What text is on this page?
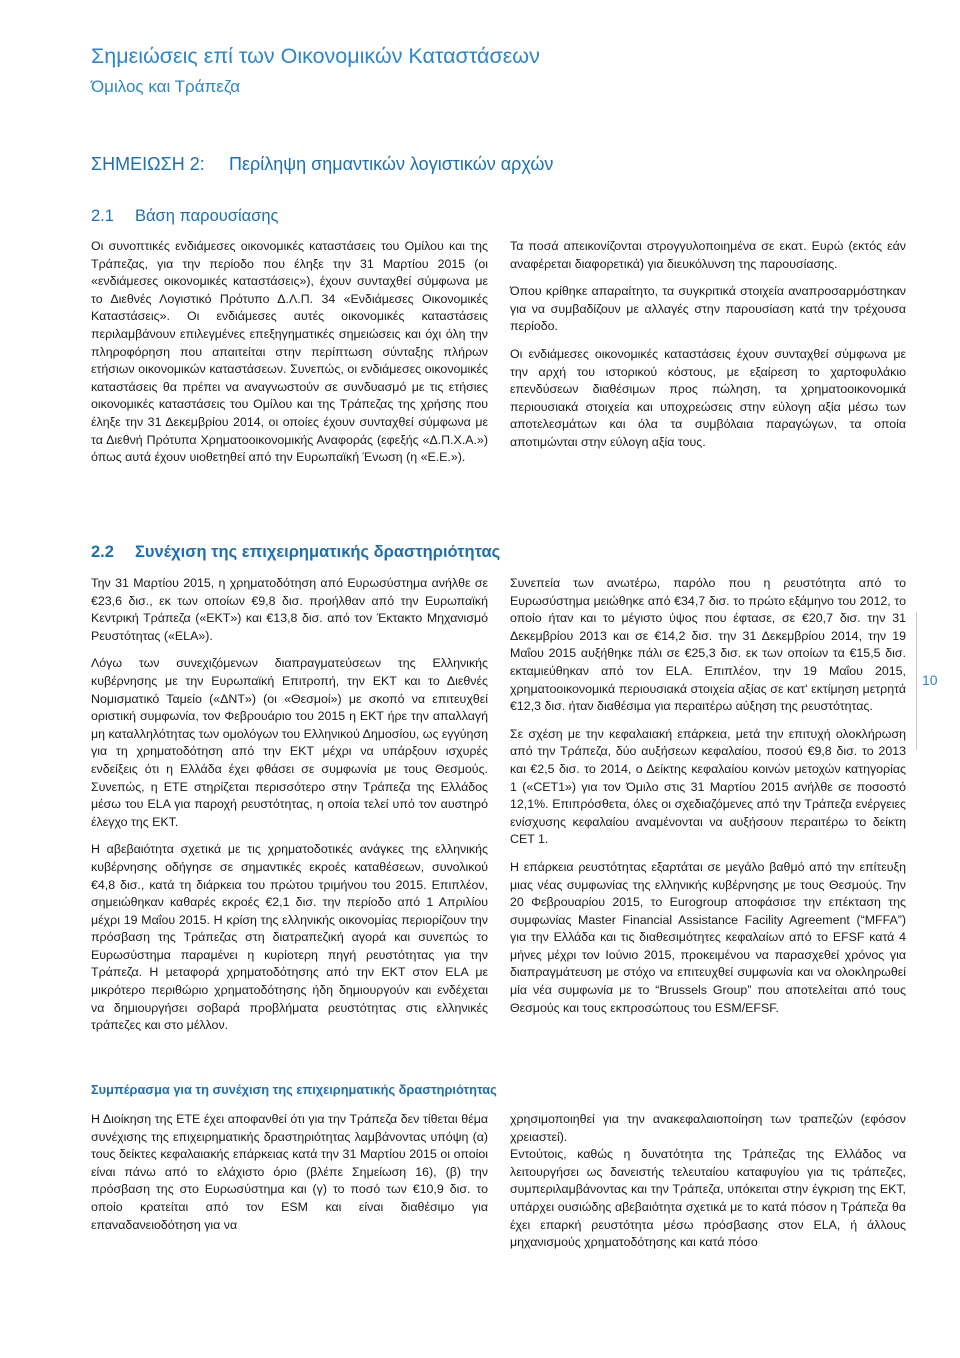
Σημειώσεις επί των Οικονομικών Καταστάσεων
Όμιλος και Τράπεζα
ΣΗΜΕΙΩΣΗ 2: Περίληψη σημαντικών λογιστικών αρχών
2.1 Βάση παρουσίασης

Οι συνοπτικές ενδιάμεσες οικονομικές καταστάσεις του Ομίλου και της Τράπεζας, για την περίοδο που έληξε την 31 Μαρτίου 2015 (οι «ενδιάμεσες οικονομικές καταστάσεις»), έχουν συνταχθεί σύμφωνα με το Διεθνές Λογιστικό Πρότυπο Δ.Λ.Π. 34 «Ενδιάμεσες Οικονομικές Καταστάσεις». Οι ενδιάμεσες αυτές οικονομικές καταστάσεις περιλαμβάνουν επιλεγμένες επεξηγηματικές σημειώσεις και όχι όλη την πληροφόρηση που απαιτείται στην περίπτωση σύνταξης πλήρων ετήσιων οικονομικών καταστάσεων. Συνεπώς, οι ενδιάμεσες οικονομικές καταστάσεις θα πρέπει να αναγνωστούν σε συνδυασμό με τις ετήσιες οικονομικές καταστάσεις του Ομίλου και της Τράπεζας της χρήσης που έληξε την 31 Δεκεμβρίου 2014, οι οποίες έχουν συνταχθεί σύμφωνα με τα Διεθνή Πρότυπα Χρηματοοικονομικής Αναφοράς (εφεξής «Δ.Π.Χ.Α.») όπως αυτά έχουν υιοθετηθεί από την Ευρωπαϊκή Ένωση (η «Ε.Ε.»).

Τα ποσά απεικονίζονται στρογγυλοποιημένα σε εκατ. Ευρώ (εκτός εάν αναφέρεται διαφορετικά) για διευκόλυνση της παρουσίασης.

Όπου κρίθηκε απαραίτητο, τα συγκριτικά στοιχεία αναπροσαρμόστηκαν για να συμβαδίζουν με αλλαγές στην παρουσίαση κατά την τρέχουσα περίοδο.

Οι ενδιάμεσες οικονομικές καταστάσεις έχουν συνταχθεί σύμφωνα με την αρχή του ιστορικού κόστους, με εξαίρεση το χαρτοφυλάκιο επενδύσεων διαθέσιμων προς πώληση, τα χρηματοοικονομικά περιουσιακά στοιχεία και υποχρεώσεις στην εύλογη αξία μέσω των αποτελεσμάτων και όλα τα συμβόλαια παραγώγων, τα οποία αποτιμώνται στην εύλογη αξία τους.

2.2 Συνέχιση της επιχειρηματικής δραστηριότητας

Την 31 Μαρτίου 2015, η χρηματοδότηση από Ευρωσύστημα ανήλθε σε €23,6 δισ., εκ των οποίων €9,8 δισ. προήλθαν από την Ευρωπαϊκή Κεντρική Τράπεζα («ΕΚΤ») και €13,8 δισ. από τον Έκτακτο Μηχανισμό Ρευστότητας («ELA»).

Λόγω των συνεχιζόμενων διαπραγματεύσεων της Ελληνικής κυβέρνησης με την Ευρωπαϊκή Επιτροπή, την ΕΚΤ και το Διεθνές Νομισματικό Ταμείο («ΔΝΤ») (οι «Θεσμοί») με σκοπό να επιτευχθεί οριστική συμφωνία, τον Φεβρουάριο του 2015 η ΕΚΤ ήρε την απαλλαγή μη καταλληλότητας των ομολόγων του Ελληνικού Δημοσίου, ως εγγύηση για τη χρηματοδότηση από την ΕΚΤ μέχρι να υπάρξουν ισχυρές ενδείξεις ότι η Ελλάδα έχει φθάσει σε συμφωνία με τους Θεσμούς. Συνεπώς, η ΕΤΕ στηρίζεται περισσότερο στην Τράπεζα της Ελλάδος μέσω του ELA για παροχή ρευστότητας, η οποία τελεί υπό τον αυστηρό έλεγχο της ΕΚΤ.

Η αβεβαιότητα σχετικά με τις χρηματοδοτικές ανάγκες της ελληνικής κυβέρνησης οδήγησε σε σημαντικές εκροές καταθέσεων, συνολικού €4,8 δισ., κατά τη διάρκεια του πρώτου τριμήνου του 2015. Επιπλέον, σημειώθηκαν καθαρές εκροές €2,1 δισ. την περίοδο από 1 Απριλίου μέχρι 19 Μαΐου 2015. Η κρίση της ελληνικής οικονομίας περιορίζουν την πρόσβαση της Τράπεζας στη διατραπεζική αγορά και συνεπώς το Ευρωσύστημα παραμένει η κυρίοτερη πηγή ρευστότητας για την Τράπεζα. Η μεταφορά χρηματοδότησης από την ΕΚΤ στον ELA με μικρότερο περιθώριο χρηματοδότησης ήδη δημιουργούν και ενδέχεται να δημιουργήσει σοβαρά προβλήματα ρευστότητας στις ελληνικές τράπεζες και στο μέλλον.

Συνεπεία των ανωτέρω, παρόλο που η ρευστότητα από το Ευρωσύστημα μειώθηκε από €34,7 δισ. το πρώτο εξάμηνο του 2012, το οποίο ήταν και το μέγιστο ύψος που έφτασε, σε €20,7 δισ. την 31 Δεκεμβρίου 2013 και σε €14,2 δισ. την 31 Δεκεμβρίου 2014, την 19 Μαΐου 2015 αυξήθηκε πάλι σε €25,3 δισ. εκ των οποίων τα €15,5 δισ. εκταμιεύθηκαν από τον ELA. Επιπλέον, την 19 Μαΐου 2015, χρηματοοικονομικά περιουσιακά στοιχεία αξίας σε κατ' εκτίμηση μετρητά €12,3 δισ. ήταν διαθέσιμα για περαιτέρω αύξηση της ρευστότητας.

Σε σχέση με την κεφαλαιακή επάρκεια, μετά την επιτυχή ολοκλήρωση από την Τράπεζα, δύο αυξήσεων κεφαλαίου, ποσού €9,8 δισ. το 2013 και €2,5 δισ. το 2014, ο Δείκτης κεφαλαίου κοινών μετοχών κατηγορίας 1 («CET1») για τον Όμιλο στις 31 Μαρτίου 2015 ανήλθε σε ποσοστό 12,1%. Επιπρόσθετα, όλες οι σχεδιαζόμενες από την Τράπεζα ενέργειες ενίσχυσης κεφαλαίου αναμένονται να αυξήσουν περαιτέρω το δείκτη CET 1.

Η επάρκεια ρευστότητας εξαρτάται σε μεγάλο βαθμό από την επίτευξη μιας νέας συμφωνίας της ελληνικής κυβέρνησης με τους Θεσμούς. Την 20 Φεβρουαρίου 2015, το Eurogroup αποφάσισε την επέκταση της συμφωνίας Master Financial Assistance Facility Agreement (“MFFA”) για την Ελλάδα και τις διαθεσιμότητες κεφαλαίων από το EFSF κατά 4 μήνες μέχρι τον Ιούνιο 2015, προκειμένου να παρασχεθεί χρόνος για διαπραγμάτευση με στόχο να επιτευχθεί συμφωνία και να ολοκληρωθεί μία νέα συμφωνία με το “Brussels Group” που αποτελείται από τους Θεσμούς και τους εκπροσώπους του ESM/EFSF.

Συμπέρασμα για τη συνέχιση της επιχειρηματικής δραστηριότητας

Η Διοίκηση της ΕΤΕ έχει αποφανθεί ότι για την Τράπεζα δεν τίθεται θέμα συνέχισης της επιχειρηματικής δραστηριότητας λαμβάνοντας υπόψη (α) τους δείκτες κεφαλαιακής επάρκειας κατά την 31 Μαρτίου 2015 οι οποίοι είναι πάνω από το ελάχιστο όριο (βλέπε Σημείωση 16), (β) την πρόσβαση της στο Ευρωσύστημα και (γ) το ποσό των €10,9 δισ. το οποίο κρατείται από τον ESM και είναι διαθέσιμο για επαναδανειοδότηση για να

χρησιμοποιηθεί για την ανακεφαλαιοποίηση των τραπεζών (εφόσον χρειαστεί).

Εντούτοις, καθώς η δυνατότητα της Τράπεζας της Ελλάδος να λειτουργήσει ως δανειστής τελευταίου καταφυγίου για τις τράπεζες, συμπεριλαμβάνοντας και την Τράπεζα, υπόκειται στην έγκριση της ΕΚΤ, υπάρχει ουσιώδης αβεβαιότητα σχετικά με το κατά πόσον η Τράπεζα θα έχει επαρκή ρευστότητα μέσω πρόσβασης στον ELA, ή άλλους μηχανισμούς χρηματοδότησης και κατά πόσο

10
